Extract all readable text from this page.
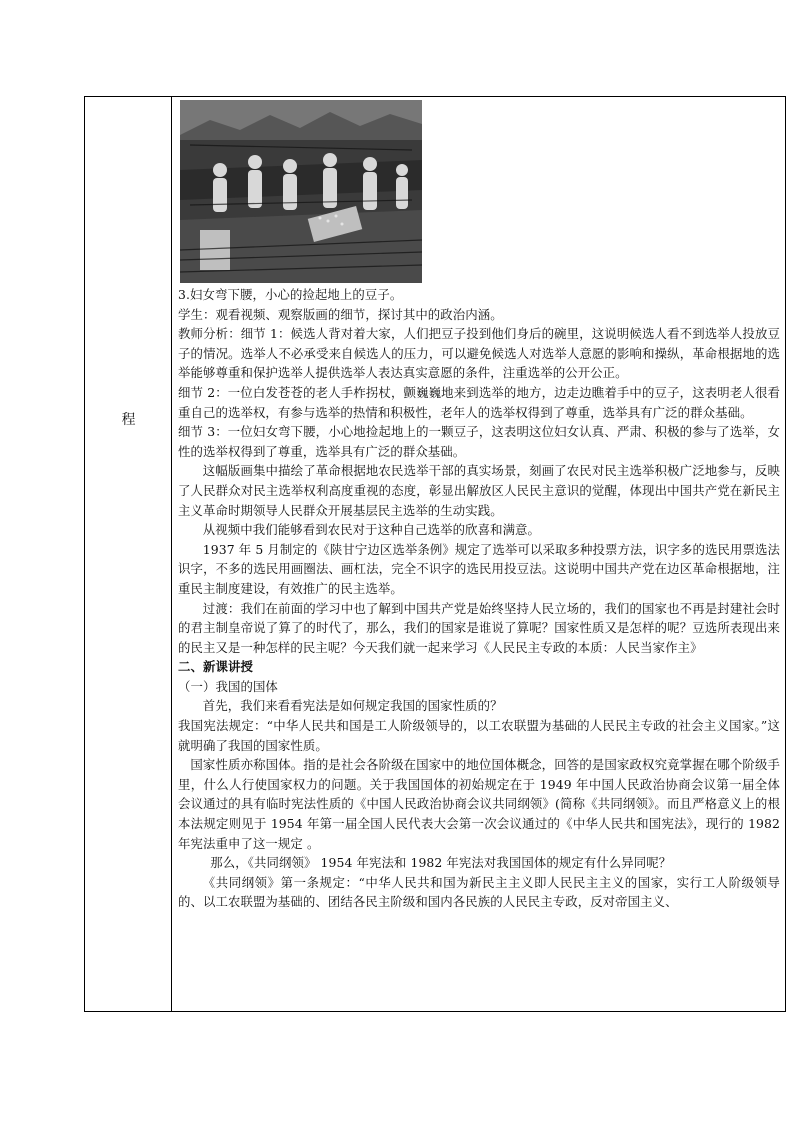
程

3.妇女弯下腰，小心的捡起地上的豆子。

学生：观看视频、观察版画的细节，探讨其中的政治内涵。

教师分析：细节 1：候选人背对着大家，人们把豆子投到他们身后的碗里，这说明候选人看不到选举人投放豆子的情况。选举人不必承受来自候选人的压力，可以避免候选人对选举人意愿的影响和操纵，革命根据地的选举能够尊重和保护选举人提供选举人表达真实意愿的条件，注重选举的公开公正。

细节 2：一位白发苍苍的老人手柞拐杖，颤巍巍地来到选举的地方，边走边瞧着手中的豆子，这表明老人很看重自己的选举权，有参与选举的热情和积极性，老年人的选举权得到了尊重，选举具有广泛的群众基础。

细节 3：一位妇女弯下腰，小心地捡起地上的一颗豆子，这表明这位妇女认真、严肃、积极的参与了选举，女性的选举权得到了尊重，选举具有广泛的群众基础。

这幅版画集中描绘了革命根据地农民选举干部的真实场景，刻画了农民对民主选举积极广泛地参与，反映了人民群众对民主选举权利高度重视的态度，彰显出解放区人民民主意识的觉醒，体现出中国共产党在新民主主义革命时期领导人民群众开展基层民主选举的生动实践。

从视频中我们能够看到农民对于这种自己选举的欣喜和满意。

1937 年 5 月制定的《陕甘宁边区选举条例》规定了选举可以采取多种投票方法，识字多的选民用票选法识字，不多的选民用画圈法、画杠法，完全不识字的选民用投豆法。这说明中国共产党在边区革命根据地，注重民主制度建设，有效推广的民主选举。

过渡：我们在前面的学习中也了解到中国共产党是始终坚持人民立场的，我们的国家也不再是封建社会时的君主制皇帝说了算了的时代了，那么，我们的国家是谁说了算呢？国家性质又是怎样的呢？豆选所表现出来的民主又是一种怎样的民主呢？今天我们就一起来学习《人民民主专政的本质：人民当家作主》

二、新课讲授

（一）我国的国体

首先，我们来看看宪法是如何规定我国的国家性质的？

我国宪法规定：“中华人民共和国是工人阶级领导的，以工农联盟为基础的人民民主专政的社会主义国家。”这就明确了我国的国家性质。

国家性质亦称国体。指的是社会各阶级在国家中的地位国体概念，回答的是国家政权究竟掌握在哪个阶级手里，什么人行使国家权力的问题。关于我国国体的初始规定在于 1949 年中国人民政治协商会议第一届全体会议通过的具有临时宪法性质的《中国人民政治协商会议共同纲领》(简称《共同纲领》。而且严格意义上的根本法规定则见于 1954 年第一届全国人民代表大会第一次会议通过的《中华人民共和国宪法》，现行的 1982 年宪法重申了这一规定 。

那么，《共同纲领》 1954 年宪法和 1982 年宪法对我国国体的规定有什么异同呢？

《共同纲领》第一条规定：“中华人民共和国为新民主主义即人民民主主义的国家，实行工人阶级领导的、以工农联盟为基础的、团结各民主阶级和国内各民族的人民民主专政，反对帝国主义、
